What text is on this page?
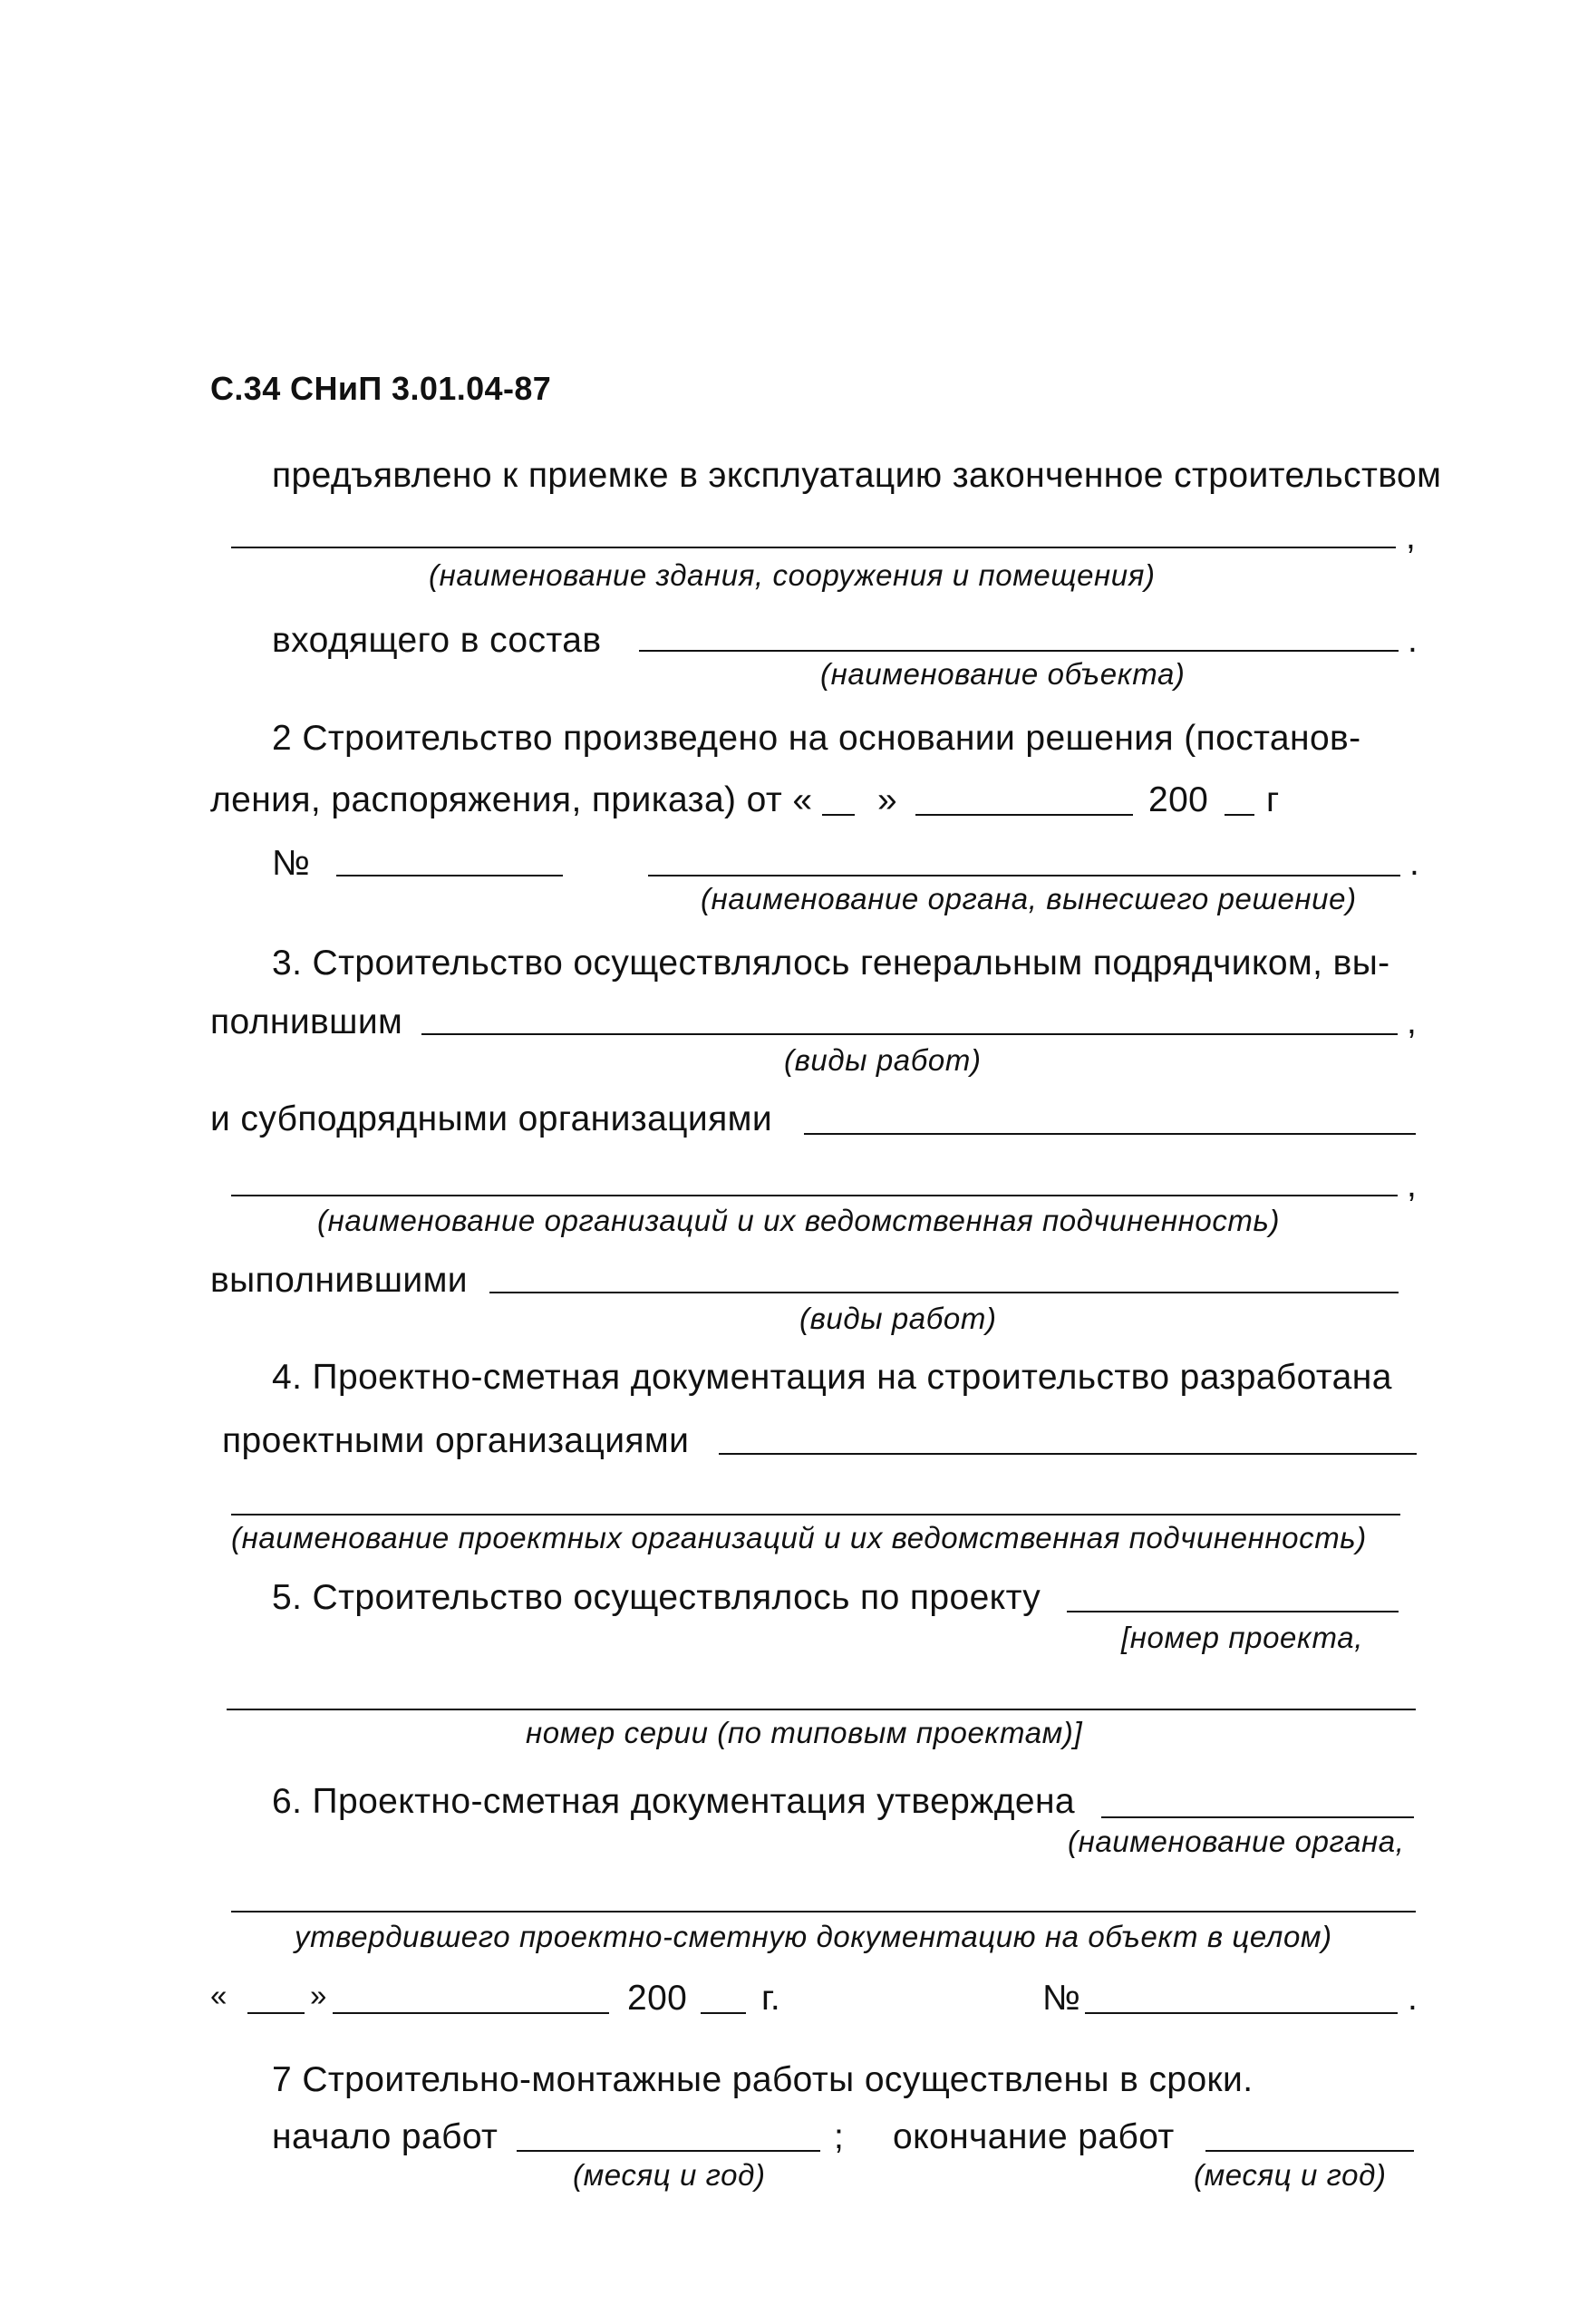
С.34 СНиП 3.01.04-87
предъявлено к приемке в эксплуатацию законченное строительством
,
(наименование здания, сооружения и помещения)
входящего в состав	.
(наименование объекта)
2 Строительство произведено на основании решения (постанов-
ления, распоряжения, приказа) от « »	200 г
№	.
(наименование органа, вынесшего решение)
3. Строительство осуществлялось генеральным подрядчиком, вы-
полнившим	,
(виды работ)
и субподрядными организациями
,
(наименование организаций и их ведомственная подчиненность)
выполнившими
(виды работ)
4. Проектно-сметная документация на строительство разработана
проектными организациями
(наименование проектных организаций и их ведомственная подчиненность)
5. Строительство осуществлялось по проекту
[номер проекта,
номер серии (по типовым проектам)]
6. Проектно-сметная документация утверждена
(наименование органа,
утвердившего проектно-сметную документацию на объект в целом)
«	»	200 г.	№	.
7 Строительно-монтажные работы осуществлены в сроки.
начало работ	; окончание работ
(месяц и год)	(месяц и год)
